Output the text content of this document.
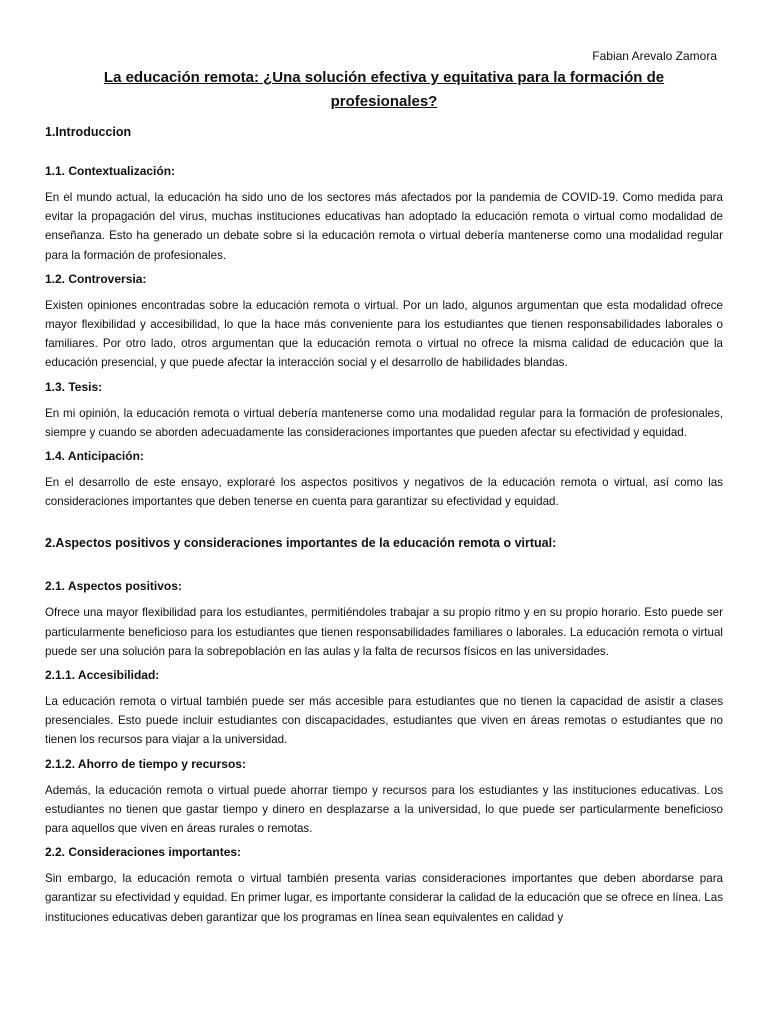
Fabian Arevalo Zamora
La educación remota: ¿Una solución efectiva y equitativa para la formación de profesionales?
1.Introduccion
1.1. Contextualización:

En el mundo actual, la educación ha sido uno de los sectores más afectados por la pandemia de COVID-19. Como medida para evitar la propagación del virus, muchas instituciones educativas han adoptado la educación remota o virtual como modalidad de enseñanza. Esto ha generado un debate sobre si la educación remota o virtual debería mantenerse como una modalidad regular para la formación de profesionales.

1.2. Controversia:

Existen opiniones encontradas sobre la educación remota o virtual. Por un lado, algunos argumentan que esta modalidad ofrece mayor flexibilidad y accesibilidad, lo que la hace más conveniente para los estudiantes que tienen responsabilidades laborales o familiares. Por otro lado, otros argumentan que la educación remota o virtual no ofrece la misma calidad de educación que la educación presencial, y que puede afectar la interacción social y el desarrollo de habilidades blandas.

1.3. Tesis:

En mi opinión, la educación remota o virtual debería mantenerse como una modalidad regular para la formación de profesionales, siempre y cuando se aborden adecuadamente las consideraciones importantes que pueden afectar su efectividad y equidad.

1.4. Anticipación:

En el desarrollo de este ensayo, exploraré los aspectos positivos y negativos de la educación remota o virtual, así como las consideraciones importantes que deben tenerse en cuenta para garantizar su efectividad y equidad.

2.Aspectos positivos y consideraciones importantes de la educación remota o virtual:
2.1. Aspectos positivos:

Ofrece una mayor flexibilidad para los estudiantes, permitiéndoles trabajar a su propio ritmo y en su propio horario. Esto puede ser particularmente beneficioso para los estudiantes que tienen responsabilidades familiares o laborales. La educación remota o virtual puede ser una solución para la sobrepoblación en las aulas y la falta de recursos físicos en las universidades.

2.1.1. Accesibilidad:

La educación remota o virtual también puede ser más accesible para estudiantes que no tienen la capacidad de asistir a clases presenciales. Esto puede incluir estudiantes con discapacidades, estudiantes que viven en áreas remotas o estudiantes que no tienen los recursos para viajar a la universidad.

2.1.2. Ahorro de tiempo y recursos:

Además, la educación remota o virtual puede ahorrar tiempo y recursos para los estudiantes y las instituciones educativas. Los estudiantes no tienen que gastar tiempo y dinero en desplazarse a la universidad, lo que puede ser particularmente beneficioso para aquellos que viven en áreas rurales o remotas.

2.2. Consideraciones importantes:

Sin embargo, la educación remota o virtual también presenta varias consideraciones importantes que deben abordarse para garantizar su efectividad y equidad. En primer lugar, es importante considerar la calidad de la educación que se ofrece en línea. Las instituciones educativas deben garantizar que los programas en línea sean equivalentes en calidad y
